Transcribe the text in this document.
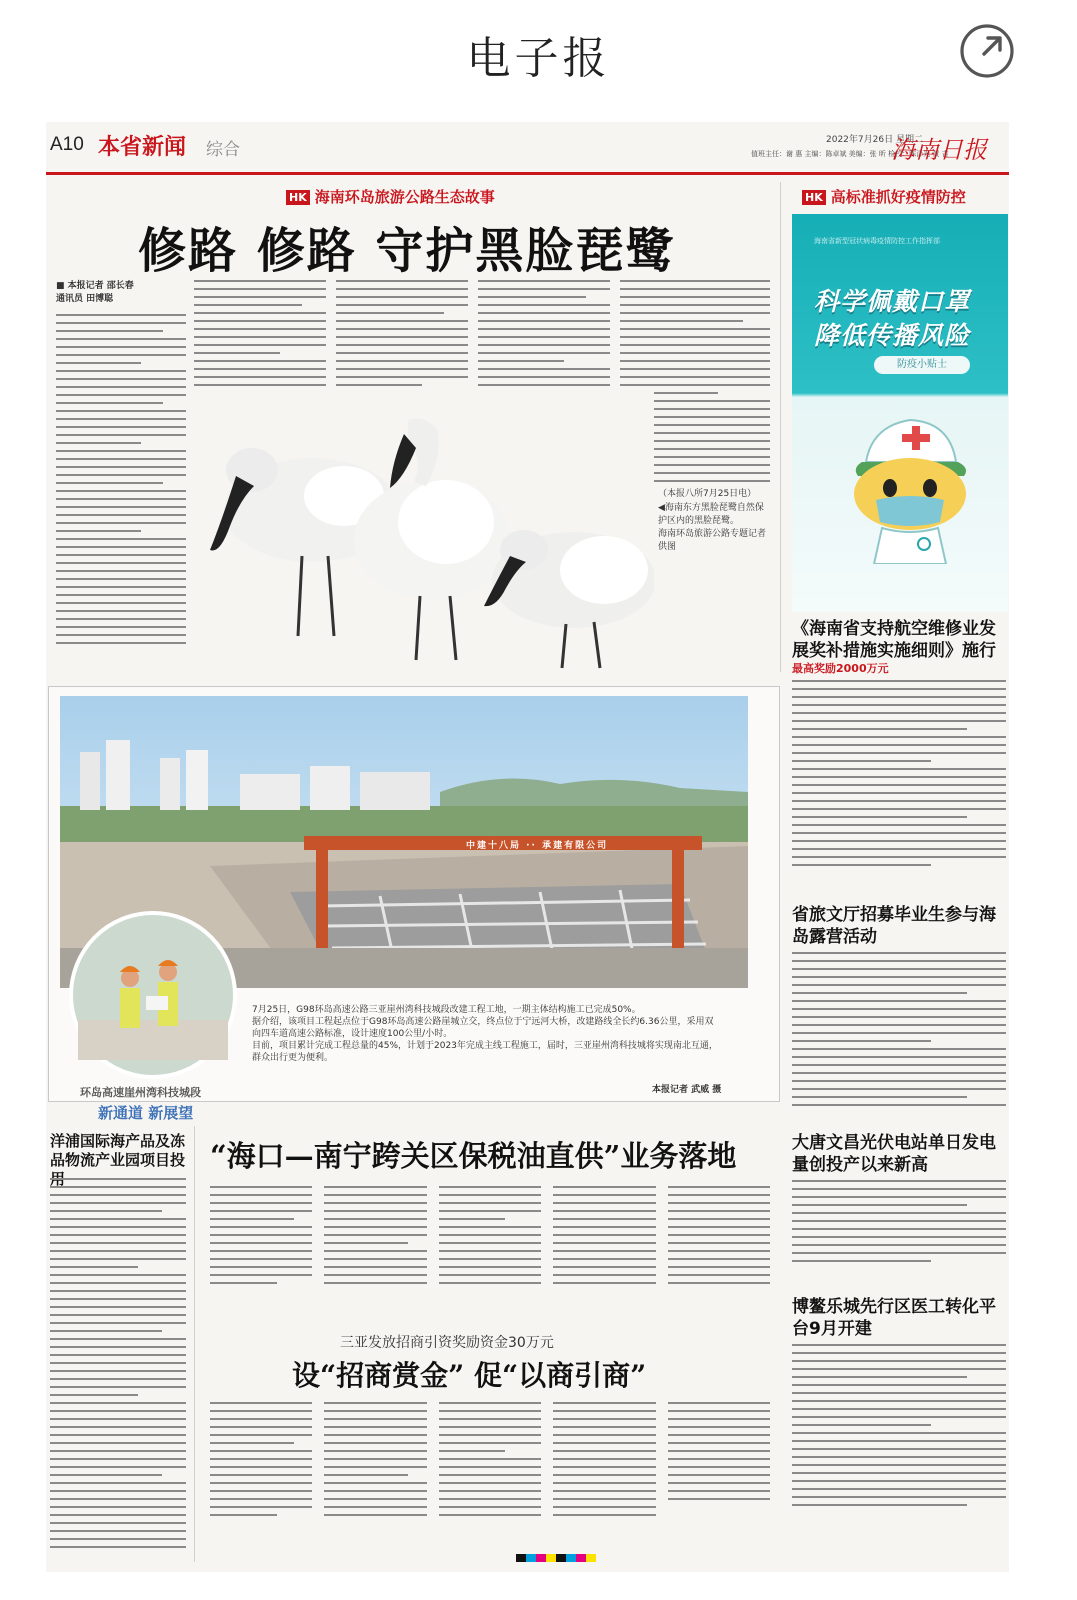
电子报
A10 本省新闻 综合	2022年7月26日 星期二
值班主任：谢 惠 主编：陈卓斌 美编：张 昕 检校：陈泽光 黄 吉
海南日报
HK 海南环岛旅游公路生态故事
修路 修路 守护黑脸琵鹭
■ 本报记者 邵长春
通讯员 田博聪
（本报八所7月25日电）
◀海南东方黑脸琵鹭自然保护区内的黑脸琵鹭。
海南环岛旅游公路专题记者供图
HK 高标准抓好疫情防控
海南省新型冠状病毒疫情防控工作指挥部
科学佩戴口罩
降低传播风险
防疫小贴士
《海南省支持航空维修业发展奖补措施实施细则》施行
最高奖励2000万元
省旅文厅招募毕业生参与海岛露营活动
大唐文昌光伏电站单日发电量创投产以来新高
博鳌乐城先行区医工转化平台9月开建
中建十八局 ·· 承建有限公司
环岛高速崖州湾科技城段
新通道 新展望
7月25日，G98环岛高速公路三亚崖州湾科技城段改建工程工地，一期主体结构施工已完成50%。
据介绍，该项目工程起点位于G98环岛高速公路崖城立交，终点位于宁远河大桥，改建路线全长约6.36公里，采用双向四车道高速公路标准，设计速度100公里/小时。
目前，项目累计完成工程总量的45%，计划于2023年完成主线工程施工，届时，三亚崖州湾科技城将实现南北互通，群众出行更为便利。
本报记者 武威 摄
洋浦国际海产品及冻品物流产业园项目投用
“海口—南宁跨关区保税油直供”业务落地
三亚发放招商引资奖励资金30万元
设“招商赏金” 促“以商引商”
